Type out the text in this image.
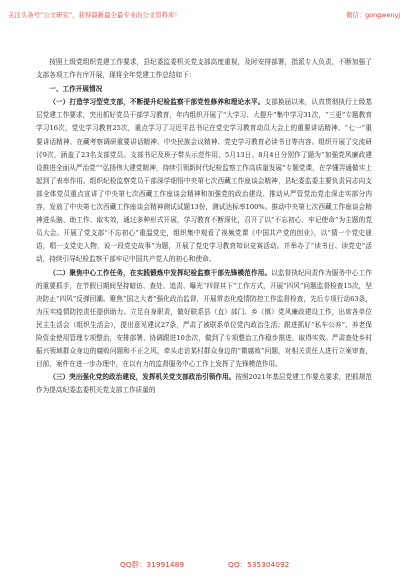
关注头条号“公文研究”，获得最新最全最专业的公文资料库！	微信：gongwenyj

按照上级党组织党建工作要求，县纪委监委机关党支部高度重视，及时安排部署，指派专人负责，不断加强了支部各项工作有序开展，现将全年党建工作总结如下：

一、工作开展情况

（一）打造学习型党支部，不断提升纪检监察干部党性修养和理论水平。支部换届以来，认真贯彻执行上级基层党建工作要求，突出抓好党员干部学习教育，年内组织开展了“大学习、大提升”集中学习31次，“三更”专题教育学习16次，党史学习教育25次，重点学习了习近平总书记在党史学习教育动员大会上的重要讲话精神、“七一”重要讲话精神、在藏考察调研重要讲话精神、中央民族会议精神、党史学习教育必读书目等内容。组织开展了交流研讨9次，涵盖了23名支部党员。支部书记及班子带头示范作用，5月13日、8月4日分别作了题为“加强党风廉政建设推进全面从严治党”“弘扬伟大建党精神，持续引领新时代纪检监察工作高质量发展”专题党课，在学懂弄通做实上起到了表率作用。组织纪检监察党员干部深学细悟中央第七次西藏工作座谈会精神，县纪委监委主要负责同志向支部全体党员重点宣讲了中央第七次西藏工作座谈会精神和加强党的政治建设、推动从严管党治党走深走实部分内容，发放了中央第七次西藏工作座谈会精神测试试题13份，测试达标率100%。推动中央第七次西藏工作座谈会精神进头脑、助工作、取实效，通过多种形式开展，学习教育不断深化，召开了以“不忘初心、牢记使命”为主题的党员大会。开展了党支部“不忘初心”重温党史，组织集中观看了视频党课《中国共产党的创业》，以“猜一个党史谜语，唱一支党史人物，说一段党史故事”为题，开展了党史学习教育知识竞赛活动。并举办了“读书日、读党史”活动，持续引导纪检监察干部牢记中国共产党人的初心和使命。

（二）聚焦中心工作任务，在实践锻炼中发挥纪检监察干部先锋模范作用。以监督执纪问责作为服务中心工作的重要抓手，在节假日期间坚持暗访、查处、追责、曝光“四督其下”工作方式，开展“四风”问题监督检查15次，坚决防止“四风”反弹回潮。聚焦“国之大者”强化政治监督，开展常态化疫情防控工作监督检查，先后专项行动63条，为压实疫情防控责任提供助力。立足自身职责，做好联系县（直）部门、乡（镇）党风廉政建设工作，出席各单位民主生活会（组织生活会），提出意见建议27条，严肃了被联系单位党内政治生活；跟进抓好“私车公养”、养老保险资金使用管理专项整治，安排部署、协调跟进10余次，做到了专项整治工作稳步推进，取得实效。严肃查处乡村振兴领域群众身边的腐败问题和不正之风，牵头走访某村群众身边的“微腐败”问题，对相关责任人进行立案审查，目前，案件在进一步办理中，在以有力的监督服务中心工作上发挥了先锋模范作用。

（三）突出强化党的政治建设，发挥机关党支部政治引领作用。按照2021年基层党建工作要点要求，把抓规范作为提高纪委监委机关党支部工作质量的

QQ群：31991489	QQ：535304092
